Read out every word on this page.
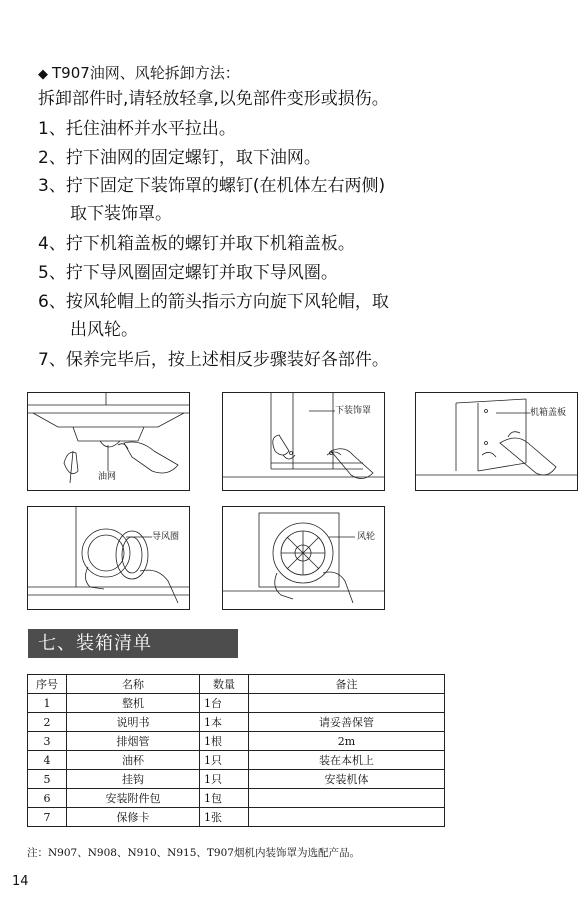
◆ T907油网、风轮拆卸方法：
拆卸部件时,请轻放轻拿,以免部件变形或损伤。
1、托住油杯并水平拉出。
2、拧下油网的固定螺钉，取下油网。
3、拧下固定下装饰罩的螺钉(在机体左右两侧)
取下装饰罩。
4、拧下机箱盖板的螺钉并取下机箱盖板。
5、拧下导风圈固定螺钉并取下导风圈。
6、按风轮帽上的箭头指示方向旋下风轮帽，取
出风轮。
7、保养完毕后，按上述相反步骤装好各部件。
油网
下装饰罩	机箱盖板
导风圈	风轮
七、装箱清单
序号	名称	数量	备注
1	整机	1台	
2	说明书	1本	请妥善保管
3	排烟管	1根	2m
4	油杯	1只	装在本机上
5	挂钩	1只	安装机体
6	安装附件包	1包	
7	保修卡	1张	
注：N907、N908、N910、N915、T907烟机内装饰罩为选配产品。
14
